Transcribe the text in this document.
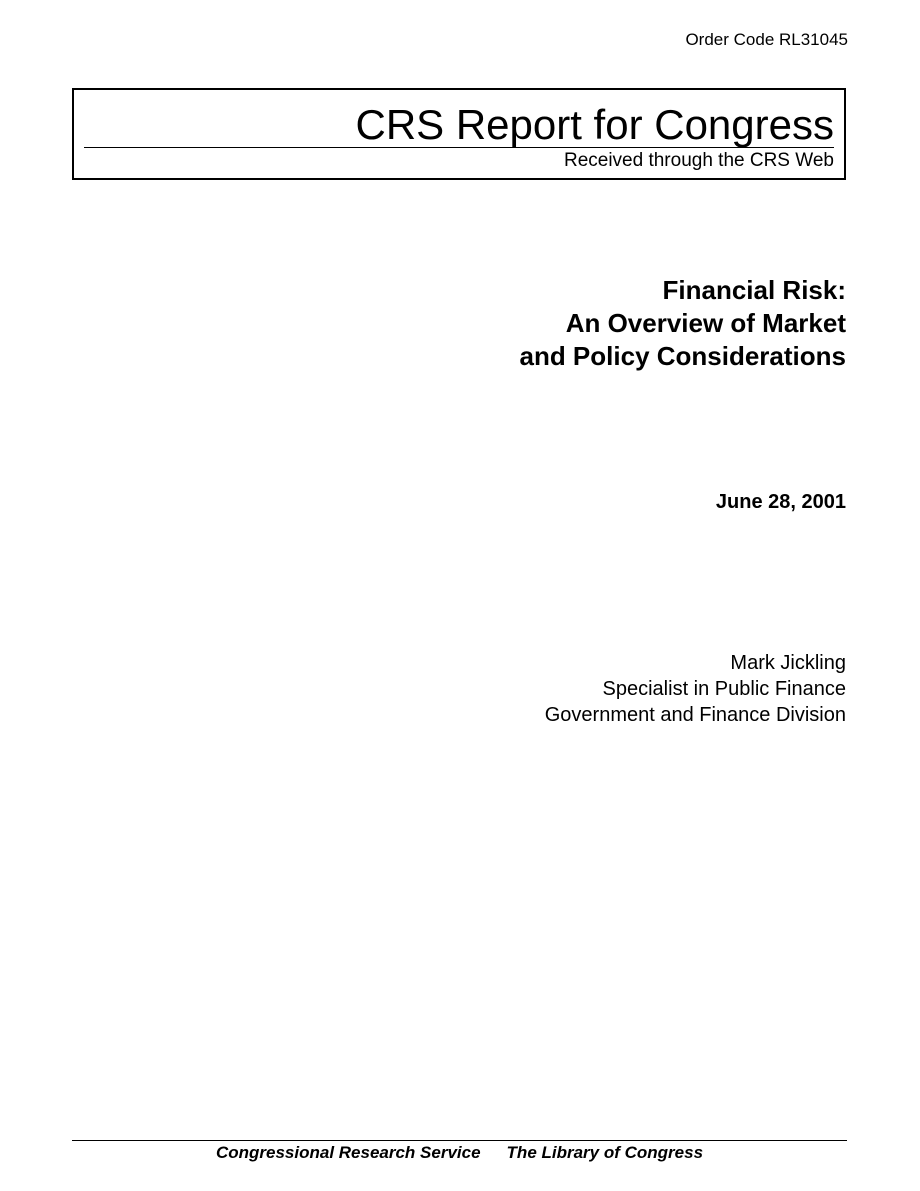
Order Code RL31045
CRS Report for Congress
Received through the CRS Web
Financial Risk:
An Overview of Market
and Policy Considerations
June 28, 2001
Mark Jickling
Specialist in Public Finance
Government and Finance Division
Congressional Research Service The Library of Congress
